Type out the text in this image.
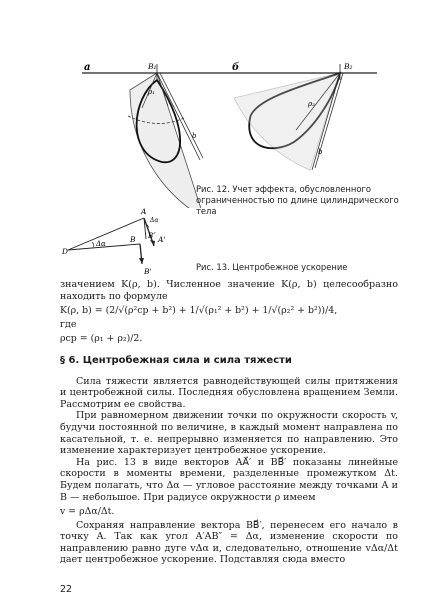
a	B₁
ρ₁
b
б	B₂
ρ₂
b
Рис. 12. Учет эффекта, обусловленного ограниченностью по длине цилиндрического тела
A
Δα
A'
B B″
B'
D
Δα
Рис. 13. Центробежное ускорение

значением K(ρ, b). Численное значение K(ρ, b) целесообразно находить по формуле

K(ρ, b) = (2/√(ρ²ср + b²) + 1/√(ρ₁² + b²) + 1/√(ρ₂² + b²))/4,

где

ρср = (ρ₁ + ρ₂)/2.
§ 6. Центробежная сила и сила тяжести

Сила тяжести является равнодействующей силы притяжения и центробежной силы. Последняя обусловлена вращением Земли. Рассмотрим ее свойства.

При равномерном движении точки по окружности скорость v, будучи постоянной по величине, в каждый момент направлена по касательной, т. е. непрерывно изменяется по направлению. Это изменение характеризует центробежное ускорение.

На рис. 13 в виде векторов AA⃗′ и BB⃗′ показаны линейные скорости в моменты времени, разделенные промежутком Δt. Будем полагать, что Δα — угловое расстояние между точками A и B — небольшое. При радиусе окружности ρ имеем

v = ρΔα/Δt.

Сохраняя направление вектора BB⃗′, перенесем его начало в точку A. Так как угол A′AB″ = Δα, изменение скорости по направлению равно дуге vΔα и, следовательно, отношение vΔα/Δt дает центробежное ускорение. Подставляя сюда вместо

22
